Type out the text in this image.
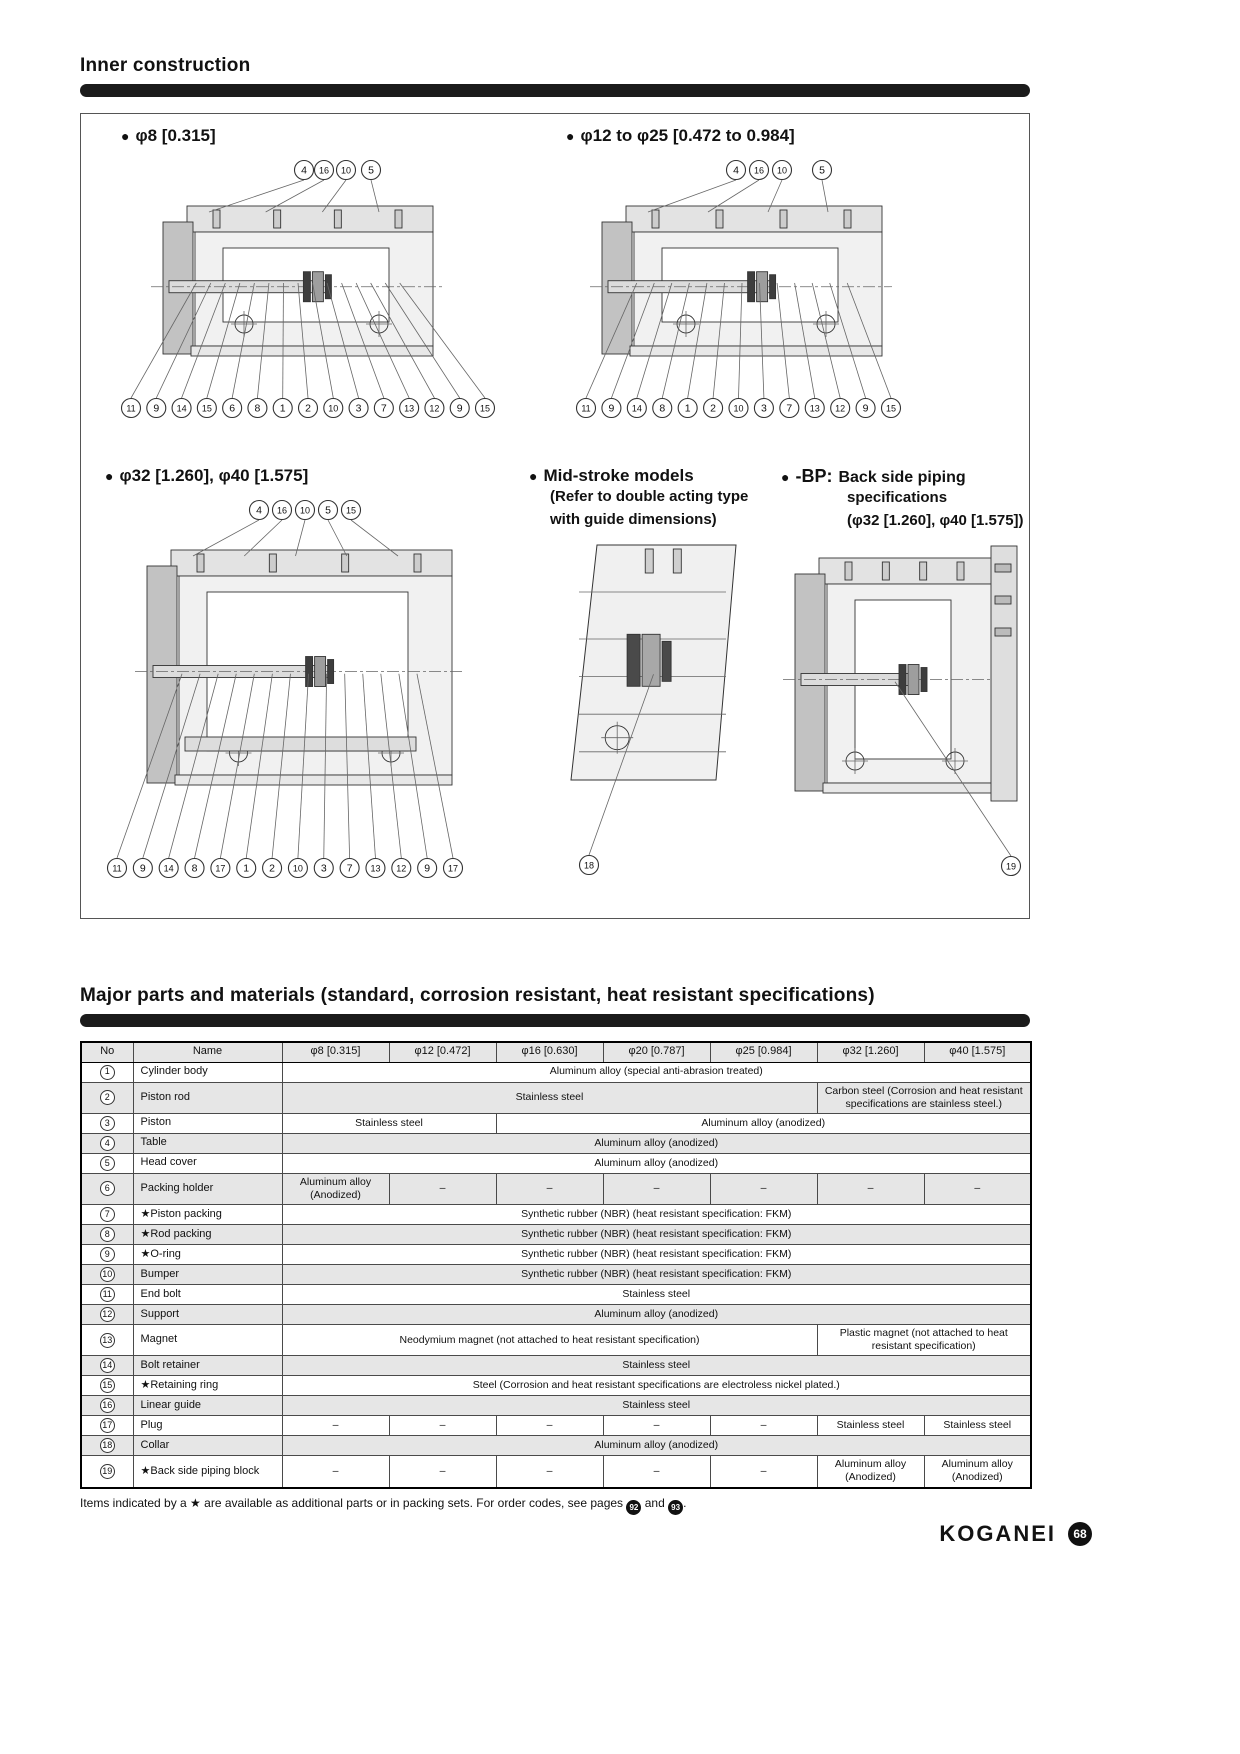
Inner construction
● φ8 [0.315]
4 16 10 5
11 9 14 15 6 8 1 2 10 3 7 13 12 9 15
● φ12 to φ25 [0.472 to 0.984]
4 16 10	5
11 9 14 8 1 2 10 3 7 13 12 9 15
● φ32 [1.260], φ40 [1.575]
4 16 10 5 15
11 9 14 8 17 1 2 10 3 7 13 12 9 17
● Mid-stroke models
(Refer to double acting type
with guide dimensions)
18
● -BP: Back side piping
specifications
(φ32 [1.260], φ40 [1.575])
19
Major parts and materials (standard, corrosion resistant, heat resistant specifications)
No	Name	φ8 [0.315]	φ12 [0.472]	φ16 [0.630]	φ20 [0.787]	φ25 [0.984]	φ32 [1.260]	φ40 [1.575]
1	Cylinder body	Aluminum alloy (special anti-abrasion treated)						
2	Piston rod	Stainless steel					Carbon steel (Corrosion and heat resistant specifications are stainless steel.)	
3	Piston	Stainless steel		Aluminum alloy (anodized)				
4	Table	Aluminum alloy (anodized)						
5	Head cover	Aluminum alloy (anodized)						
6	Packing holder	Aluminum alloy (Anodized)	–	–	–	–	–	–
7	★Piston packing	Synthetic rubber (NBR) (heat resistant specification: FKM)						
8	★Rod packing	Synthetic rubber (NBR) (heat resistant specification: FKM)						
9	★O-ring	Synthetic rubber (NBR) (heat resistant specification: FKM)						
10	Bumper	Synthetic rubber (NBR) (heat resistant specification: FKM)						
11	End bolt	Stainless steel						
12	Support	Aluminum alloy (anodized)						
13	Magnet	Neodymium magnet (not attached to heat resistant specification)					Plastic magnet (not attached to heat resistant specification)	
14	Bolt retainer	Stainless steel						
15	★Retaining ring	Steel (Corrosion and heat resistant specifications are electroless nickel plated.)						
16	Linear guide	Stainless steel						
17	Plug	–	–	–	–	–	Stainless steel	Stainless steel
18	Collar	Aluminum alloy (anodized)						
19	★Back side piping block	–	–	–	–	–	Aluminum alloy (Anodized)	Aluminum alloy (Anodized)

Items indicated by a ★ are available as additional parts or in packing sets. For order codes, see pages 92 and 93 .

KOGANEI	68
